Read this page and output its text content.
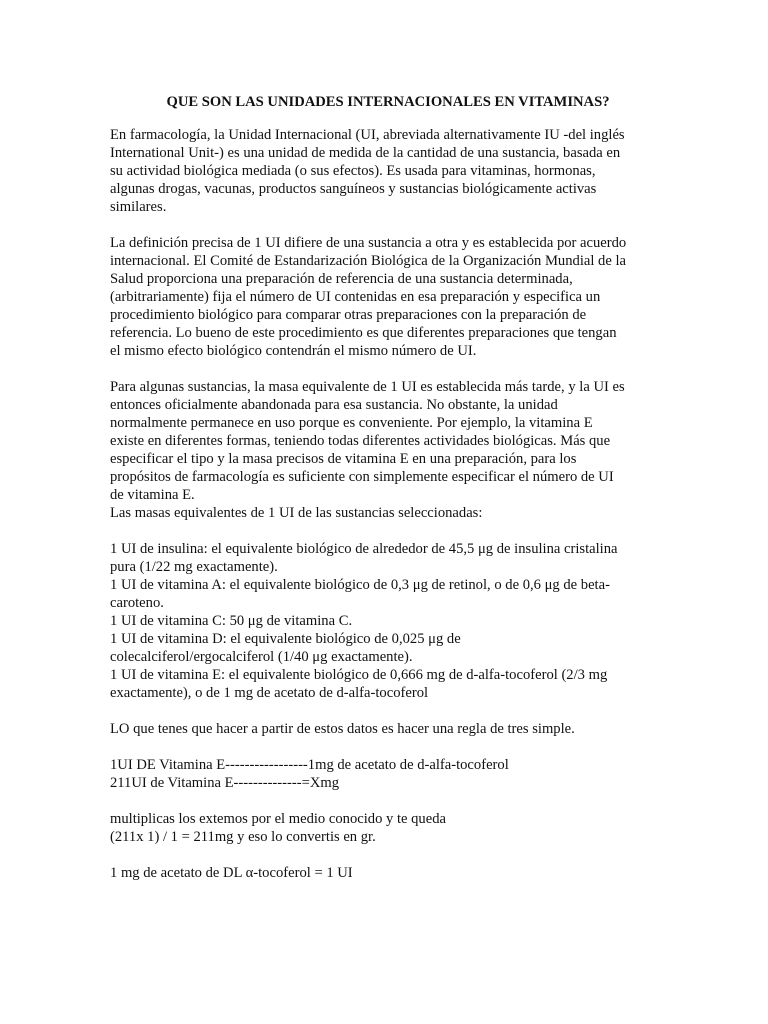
QUE SON LAS UNIDADES INTERNACIONALES EN VITAMINAS?
En farmacología, la Unidad Internacional (UI, abreviada alternativamente IU -del inglés
International Unit-) es una unidad de medida de la cantidad de una sustancia, basada en
su actividad biológica mediada (o sus efectos). Es usada para vitaminas, hormonas,
algunas drogas, vacunas, productos sanguíneos y sustancias biológicamente activas
similares.
La definición precisa de 1 UI difiere de una sustancia a otra y es establecida por acuerdo
internacional. El Comité de Estandarización Biológica de la Organización Mundial de la
Salud proporciona una preparación de referencia de una sustancia determinada,
(arbitrariamente) fija el número de UI contenidas en esa preparación y especifica un
procedimiento biológico para comparar otras preparaciones con la preparación de
referencia. Lo bueno de este procedimiento es que diferentes preparaciones que tengan
el mismo efecto biológico contendrán el mismo número de UI.
Para algunas sustancias, la masa equivalente de 1 UI es establecida más tarde, y la UI es
entonces oficialmente abandonada para esa sustancia. No obstante, la unidad
normalmente permanece en uso porque es conveniente. Por ejemplo, la vitamina E
existe en diferentes formas, teniendo todas diferentes actividades biológicas. Más que
especificar el tipo y la masa precisos de vitamina E en una preparación, para los
propósitos de farmacología es suficiente con simplemente especificar el número de UI
de vitamina E.
Las masas equivalentes de 1 UI de las sustancias seleccionadas:
1 UI de insulina: el equivalente biológico de alrededor de 45,5 μg de insulina cristalina
pura (1/22 mg exactamente).
1 UI de vitamina A: el equivalente biológico de 0,3 μg de retinol, o de 0,6 μg de beta-
caroteno.
1 UI de vitamina C: 50 μg de vitamina C.
1 UI de vitamina D: el equivalente biológico de 0,025 μg de
colecalciferol/ergocalciferol (1/40 μg exactamente).
1 UI de vitamina E: el equivalente biológico de 0,666 mg de d-alfa-tocoferol (2/3 mg
exactamente), o de 1 mg de acetato de d-alfa-tocoferol
LO que tenes que hacer a partir de estos datos es hacer una regla de tres simple.
1UI DE Vitamina E-----------------1mg de acetato de d-alfa-tocoferol
211UI de Vitamina E--------------=Xmg
multiplicas los extemos por el medio conocido y te queda
(211x 1) / 1 = 211mg y eso lo convertis en gr.
1 mg de acetato de DL α-tocoferol = 1 UI
